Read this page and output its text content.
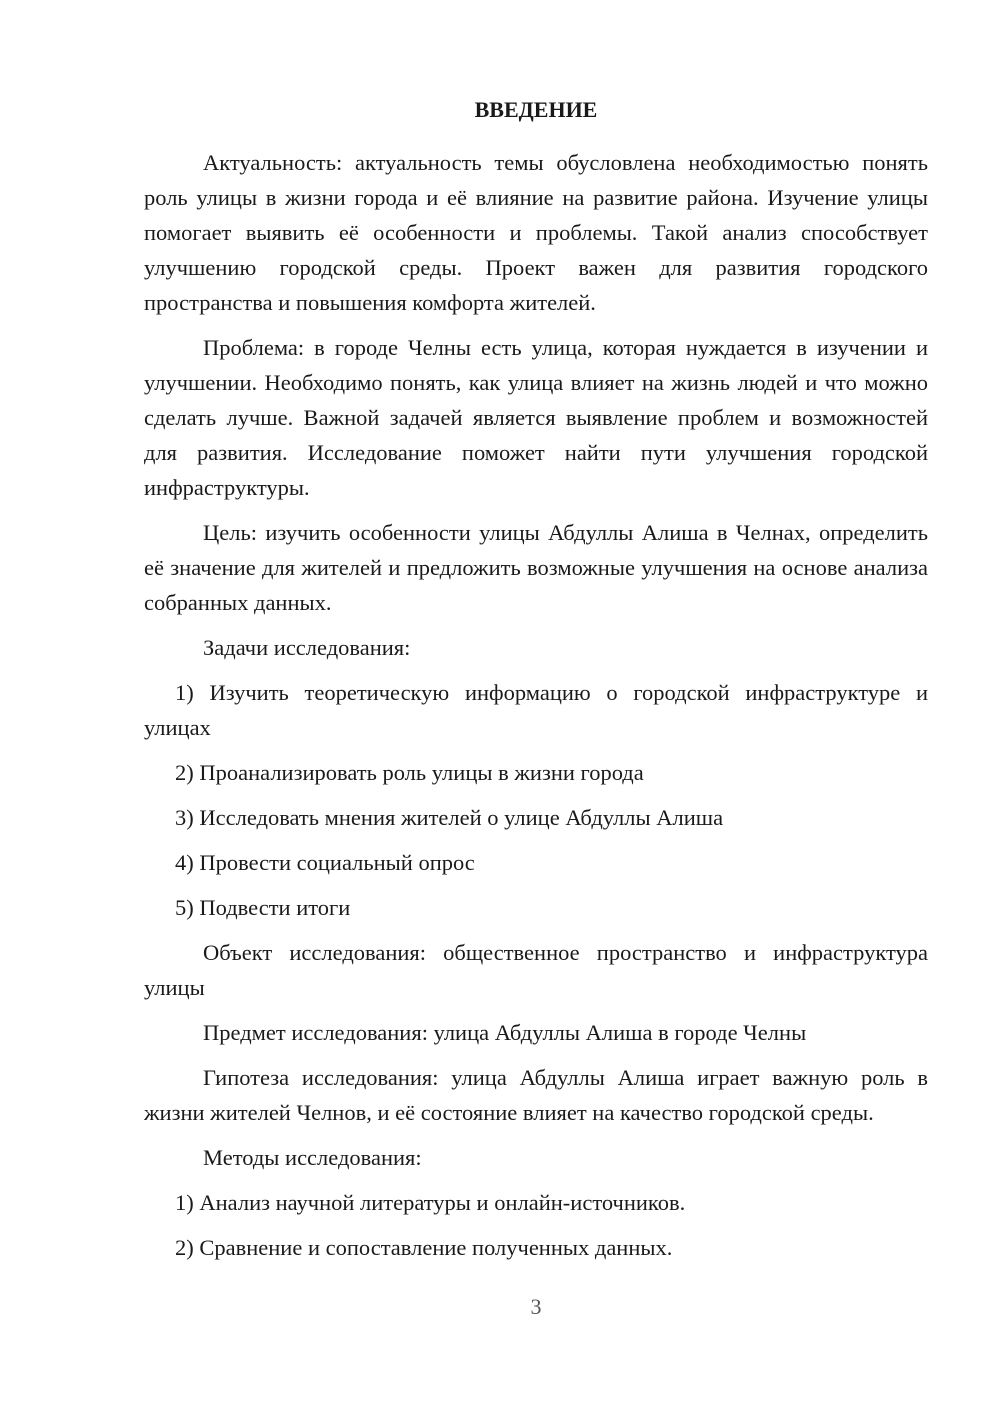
ВВЕДЕНИЕ

Актуальность: актуальность темы обусловлена необходимостью понять роль улицы в жизни города и её влияние на развитие района. Изучение улицы помогает выявить её особенности и проблемы. Такой анализ способствует улучшению городской среды. Проект важен для развития городского пространства и повышения комфорта жителей.

Проблема: в городе Челны есть улица, которая нуждается в изучении и улучшении. Необходимо понять, как улица влияет на жизнь людей и что можно сделать лучше. Важной задачей является выявление проблем и возможностей для развития. Исследование поможет найти пути улучшения городской инфраструктуры.

Цель: изучить особенности улицы Абдуллы Алиша в Челнах, определить её значение для жителей и предложить возможные улучшения на основе анализа собранных данных.

Задачи исследования:

1) Изучить теоретическую информацию о городской инфраструктуре и улицах

2) Проанализировать роль улицы в жизни города

3) Исследовать мнения жителей о улице Абдуллы Алиша

4) Провести социальный опрос

5) Подвести итоги

Объект исследования: общественное пространство и инфраструктура улицы

Предмет исследования: улица Абдуллы Алиша в городе Челны

Гипотеза исследования: улица Абдуллы Алиша играет важную роль в жизни жителей Челнов, и её состояние влияет на качество городской среды.

Методы исследования:

1) Анализ научной литературы и онлайн-источников.

2) Сравнение и сопоставление полученных данных.

3
